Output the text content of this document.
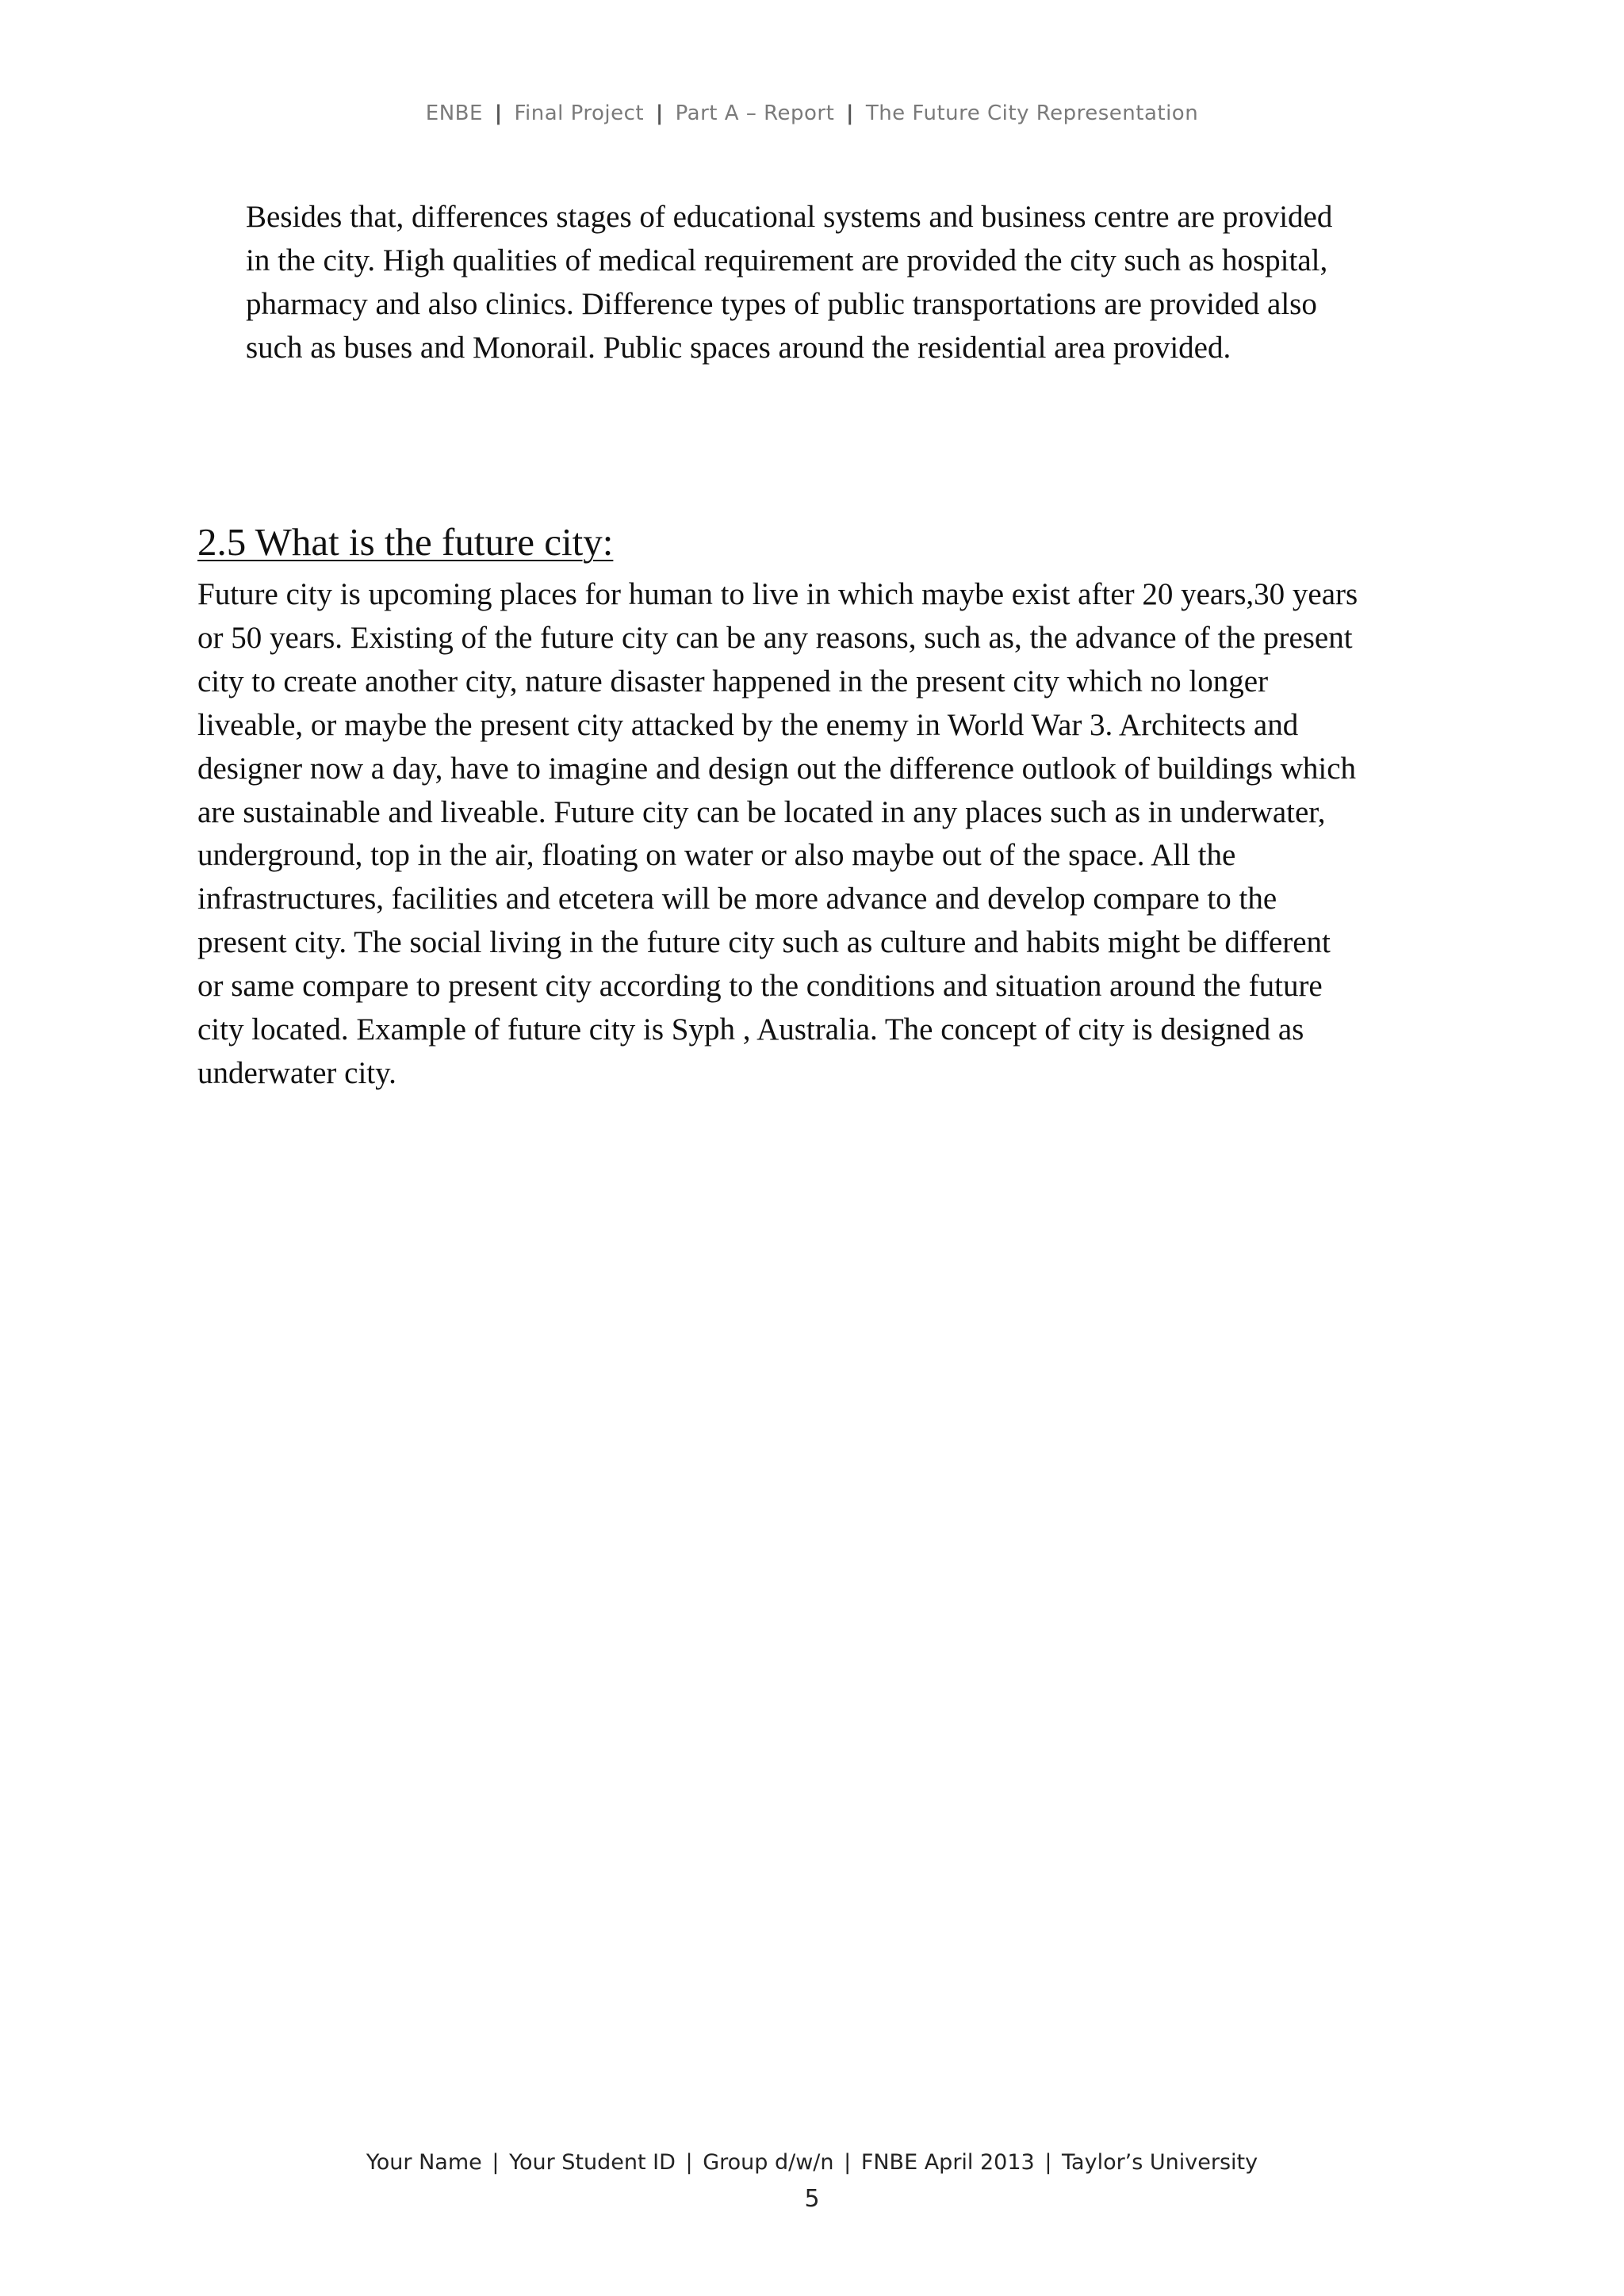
ENBE | Final Project | Part A – Report | The Future City Representation

Besides that, differences stages of educational systems and business centre are provided
in the city. High qualities of medical requirement are provided the city such as hospital,
pharmacy and also clinics. Difference types of public transportations are provided also
such as buses and Monorail. Public spaces around the residential area provided.

2.5 What is the future city:

Future city is upcoming places for human to live in which maybe exist after 20 years,30 years
or 50 years. Existing of the future city can be any reasons, such as, the advance of the present
city to create another city, nature disaster happened in the present city which no longer
liveable, or maybe the present city attacked by the enemy in World War 3. Architects and
designer now a day, have to imagine and design out the difference outlook of buildings which
are sustainable and liveable. Future city can be located in any places such as in underwater,
underground, top in the air, floating on water or also maybe out of the space. All the
infrastructures, facilities and etcetera will be more advance and develop compare to the
present city. The social living in the future city such as culture and habits might be different
or same compare to present city according to the conditions and situation around the future
city located. Example of future city is Syph , Australia. The concept of city is designed as
underwater city.

Your Name | Your Student ID | Group d/w/n | FNBE April 2013 | Taylor’s University
5
